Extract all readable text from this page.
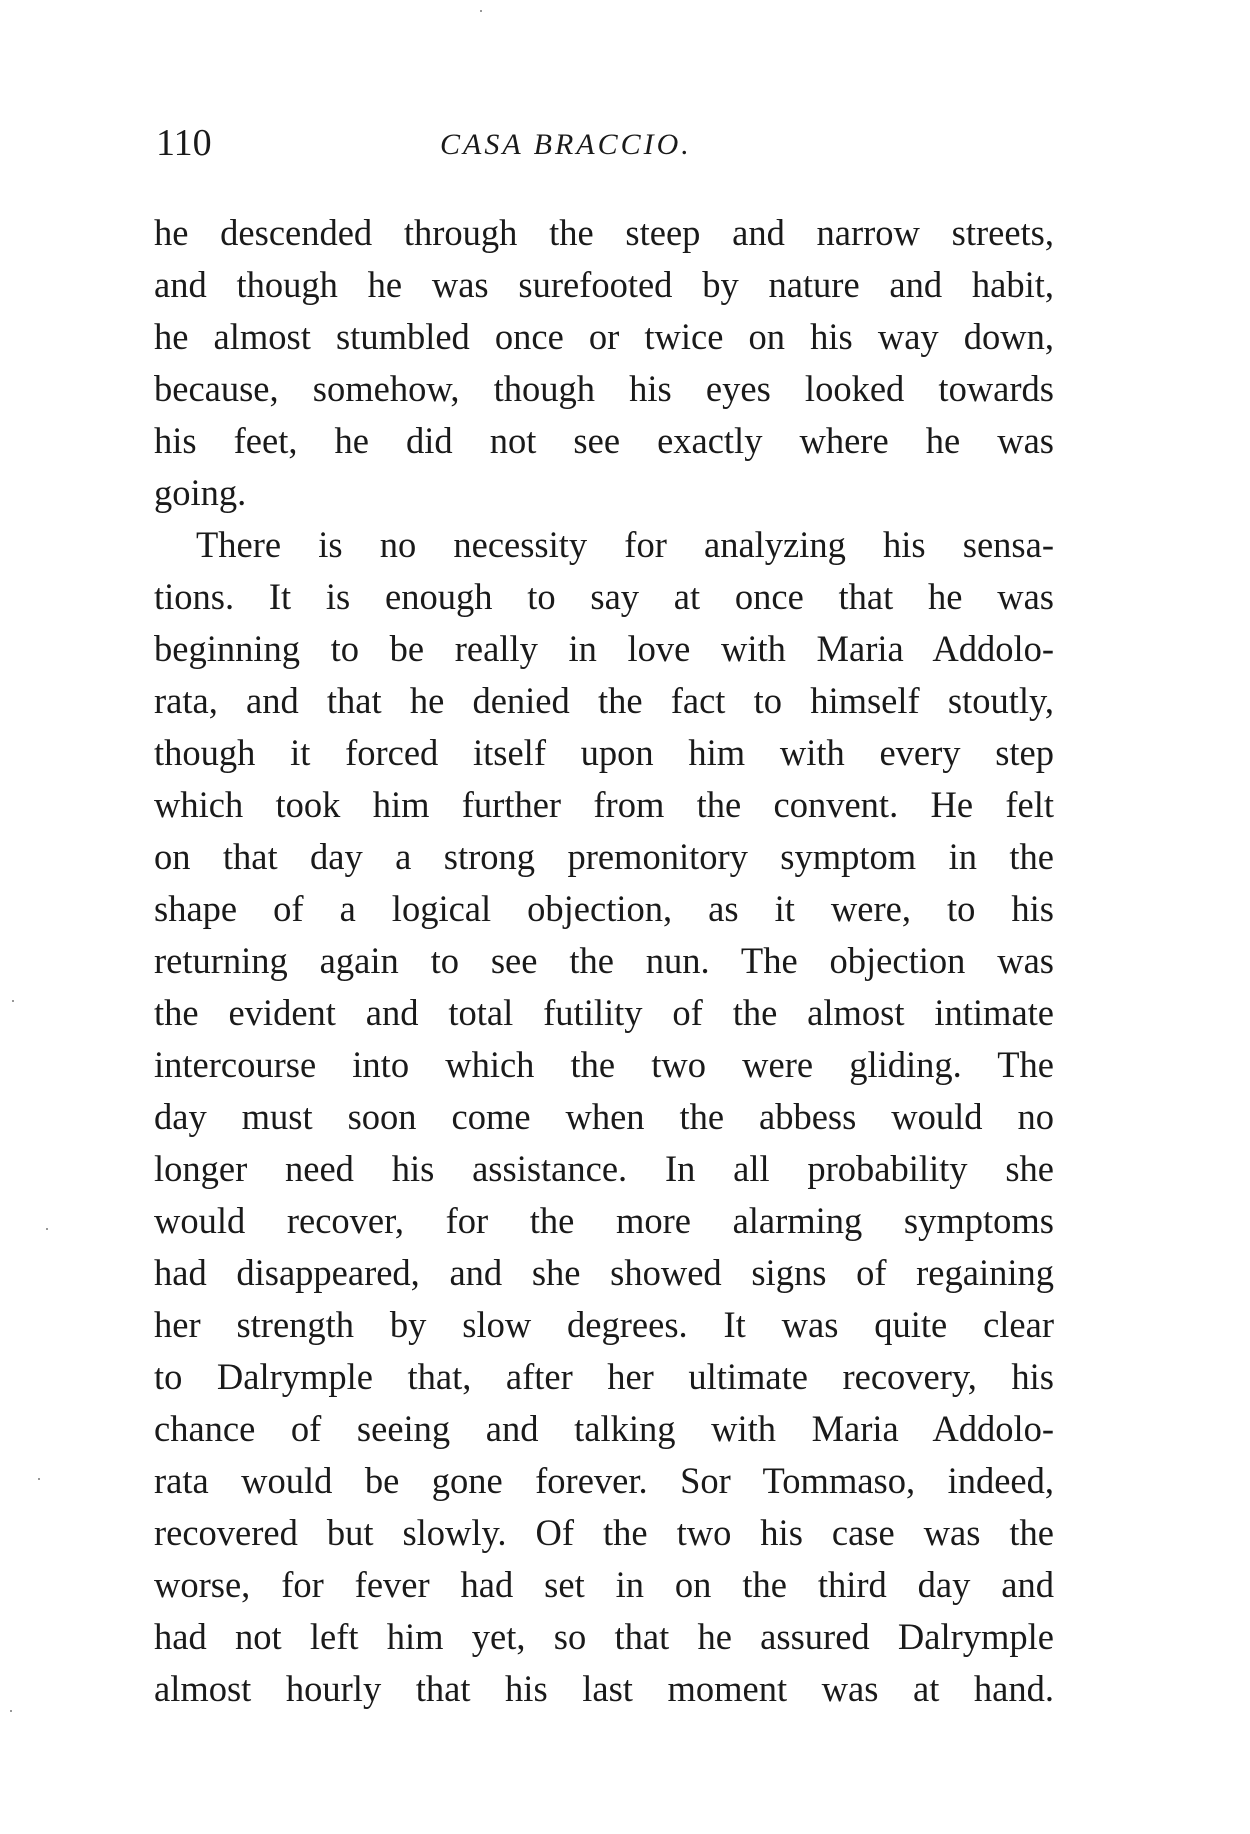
110	CASA BRACCIO.
he descended through the steep and narrow streets,
and though he was surefooted by nature and habit,
he almost stumbled once or twice on his way down,
because, somehow, though his eyes looked towards
his feet, he did not see exactly where he was
going.
There is no necessity for analyzing his sensa-
tions. It is enough to say at once that he was
beginning to be really in love with Maria Addolo-
rata, and that he denied the fact to himself stoutly,
though it forced itself upon him with every step
which took him further from the convent. He felt
on that day a strong premonitory symptom in the
shape of a logical objection, as it were, to his
returning again to see the nun. The objection was
the evident and total futility of the almost intimate
intercourse into which the two were gliding. The
day must soon come when the abbess would no
longer need his assistance. In all probability she
would recover, for the more alarming symptoms
had disappeared, and she showed signs of regaining
her strength by slow degrees. It was quite clear
to Dalrymple that, after her ultimate recovery, his
chance of seeing and talking with Maria Addolo-
rata would be gone forever. Sor Tommaso, indeed,
recovered but slowly. Of the two his case was the
worse, for fever had set in on the third day and
had not left him yet, so that he assured Dalrymple
almost hourly that his last moment was at hand.
